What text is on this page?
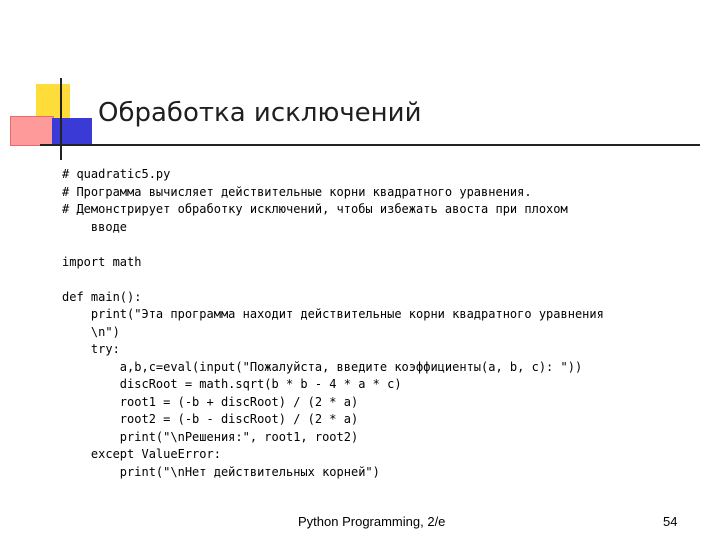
Обработка исключений
# quadratic5.py
# Программа вычисляет действительные корни квадратного уравнения.
# Демонстрирует обработку исключений, чтобы избежать авоста при плохом
вводе
import math
def main():
print("Эта программа находит действительные корни квадратного уравнения
\n")
try:
a,b,c=eval(input("Пожалуйста, введите коэффициенты(a, b, c): "))
discRoot = math.sqrt(b * b - 4 * a * c)
root1 = (-b + discRoot) / (2 * a)
root2 = (-b - discRoot) / (2 * a)
print("\nРешения:", root1, root2)
except ValueError:
print("\nНет действительных корней")
Python Programming, 2/e	54
